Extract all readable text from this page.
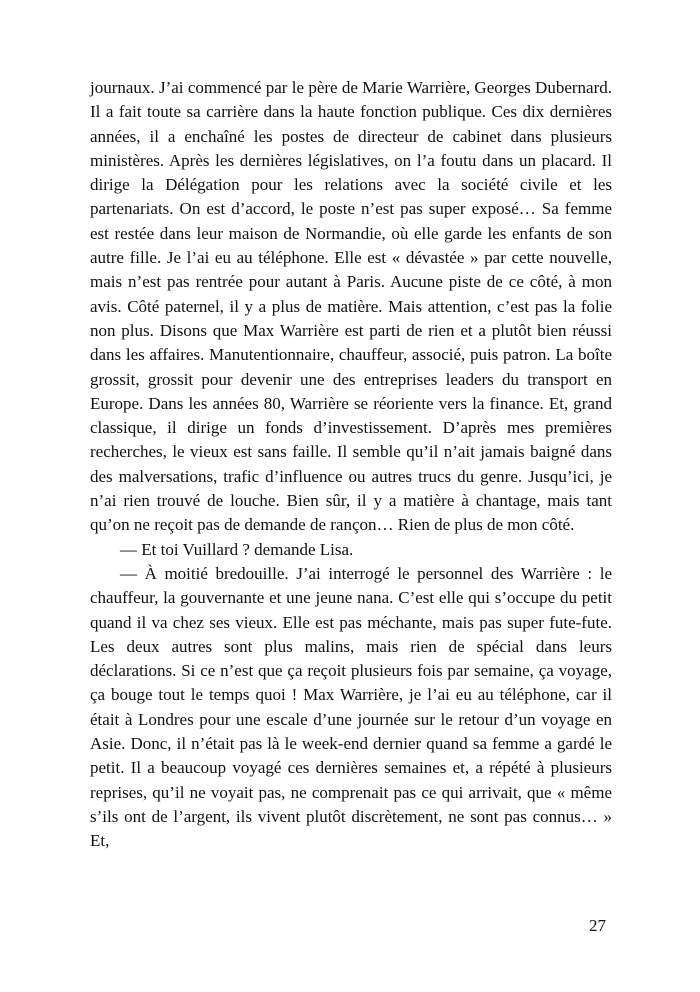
journaux. J’ai commencé par le père de Marie Warrière, Georges Dubernard. Il a fait toute sa carrière dans la haute fonction publique. Ces dix dernières années, il a enchaîné les postes de directeur de cabinet dans plusieurs ministères. Après les dernières législatives, on l’a foutu dans un placard. Il dirige la Délégation pour les relations avec la société civile et les partenariats. On est d’accord, le poste n’est pas super exposé… Sa femme est restée dans leur maison de Normandie, où elle garde les enfants de son autre fille. Je l’ai eu au téléphone. Elle est « dévastée » par cette nouvelle, mais n’est pas rentrée pour autant à Paris. Aucune piste de ce côté, à mon avis. Côté paternel, il y a plus de matière. Mais attention, c’est pas la folie non plus. Disons que Max Warrière est parti de rien et a plutôt bien réussi dans les affaires. Manutentionnaire, chauffeur, associé, puis patron. La boîte grossit, grossit pour devenir une des entreprises leaders du transport en Europe. Dans les années 80, Warrière se réoriente vers la finance. Et, grand classique, il dirige un fonds d’investissement. D’après mes premières recherches, le vieux est sans faille. Il semble qu’il n’ait jamais baigné dans des malversations, trafic d’influence ou autres trucs du genre. Jusqu’ici, je n’ai rien trouvé de louche. Bien sûr, il y a matière à chantage, mais tant qu’on ne reçoit pas de demande de rançon… Rien de plus de mon côté.

— Et toi Vuillard ? demande Lisa.

— À moitié bredouille. J’ai interrogé le personnel des Warrière : le chauffeur, la gouvernante et une jeune nana. C’est elle qui s’occupe du petit quand il va chez ses vieux. Elle est pas méchante, mais pas super fute-fute. Les deux autres sont plus malins, mais rien de spécial dans leurs déclarations. Si ce n’est que ça reçoit plusieurs fois par semaine, ça voyage, ça bouge tout le temps quoi ! Max Warrière, je l’ai eu au téléphone, car il était à Londres pour une escale d’une journée sur le retour d’un voyage en Asie. Donc, il n’était pas là le week-end dernier quand sa femme a gardé le petit. Il a beaucoup voyagé ces dernières semaines et, a répété à plusieurs reprises, qu’il ne voyait pas, ne comprenait pas ce qui arrivait, que « même s’ils ont de l’argent, ils vivent plutôt discrètement, ne sont pas connus… » Et,

27
